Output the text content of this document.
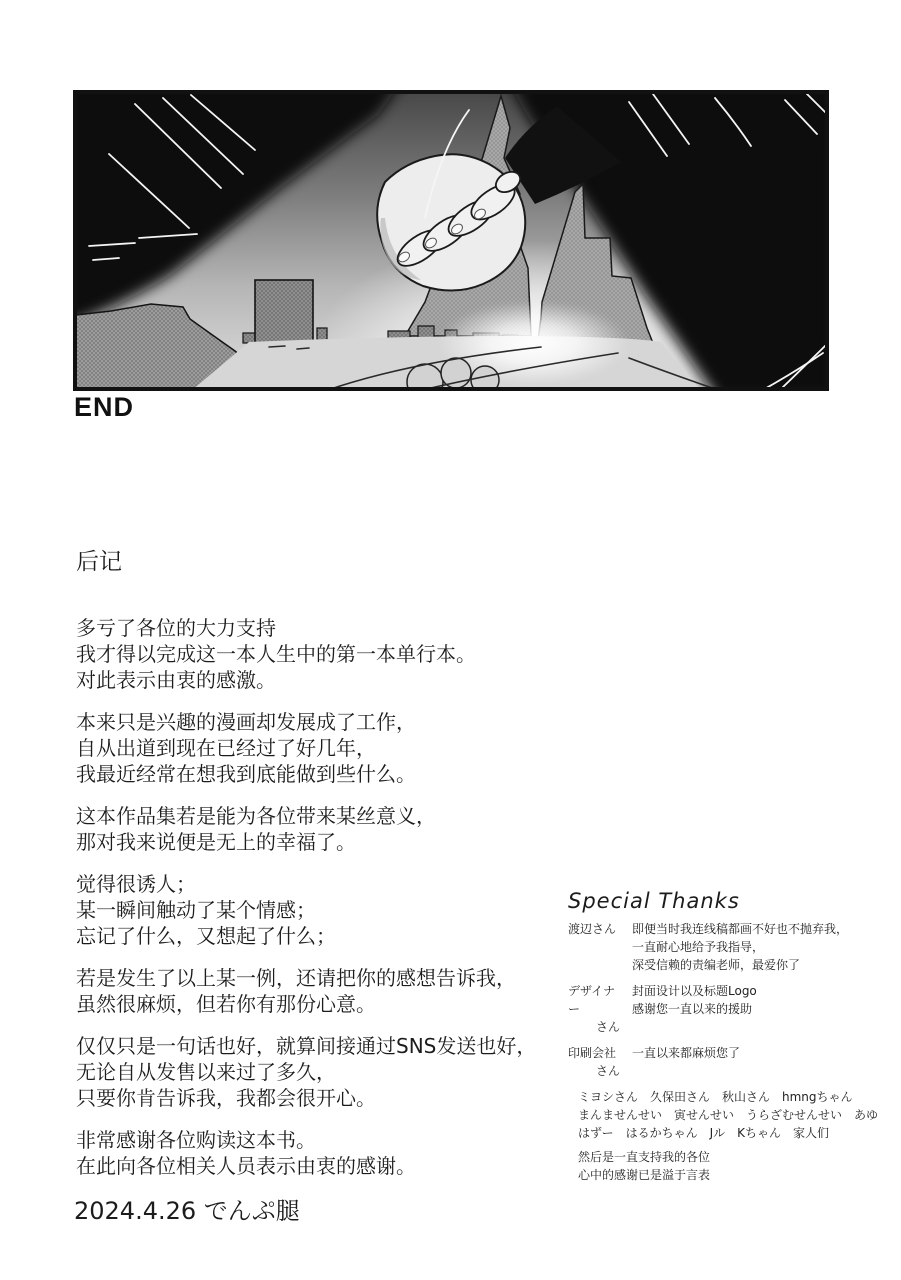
END
后记
多亏了各位的大力支持
我才得以完成这一本人生中的第一本单行本。
对此表示由衷的感激。
本来只是兴趣的漫画却发展成了工作，
自从出道到现在已经过了好几年，
我最近经常在想我到底能做到些什么。
这本作品集若是能为各位带来某丝意义，
那对我来说便是无上的幸福了。
觉得很诱人；
某一瞬间触动了某个情感；
忘记了什么，又想起了什么；
若是发生了以上某一例，还请把你的感想告诉我，
虽然很麻烦，但若你有那份心意。
仅仅只是一句话也好，就算间接通过SNS发送也好，
无论自从发售以来过了多久，
只要你肯告诉我，我都会很开心。
非常感谢各位购读这本书。
在此向各位相关人员表示由衷的感谢。
2024.4.26 でんぷ腿
Special Thanks
渡辺さん	即便当时我连线稿都画不好也不抛弃我，
一直耐心地给予我指导，
深受信赖的责编老师，最爱你了
デザイナー
さん
封面设计以及标题Logo
感谢您一直以来的援助
印刷会社
さん
一直以来都麻烦您了
ミヨシさん　久保田さん　秋山さん　hmngちゃん
まんませんせい　寅せんせい　うらざむせんせい　あゆ
はずー　はるかちゃん　Jル　Kちゃん　家人们
然后是一直支持我的各位
心中的感谢已是溢于言表
